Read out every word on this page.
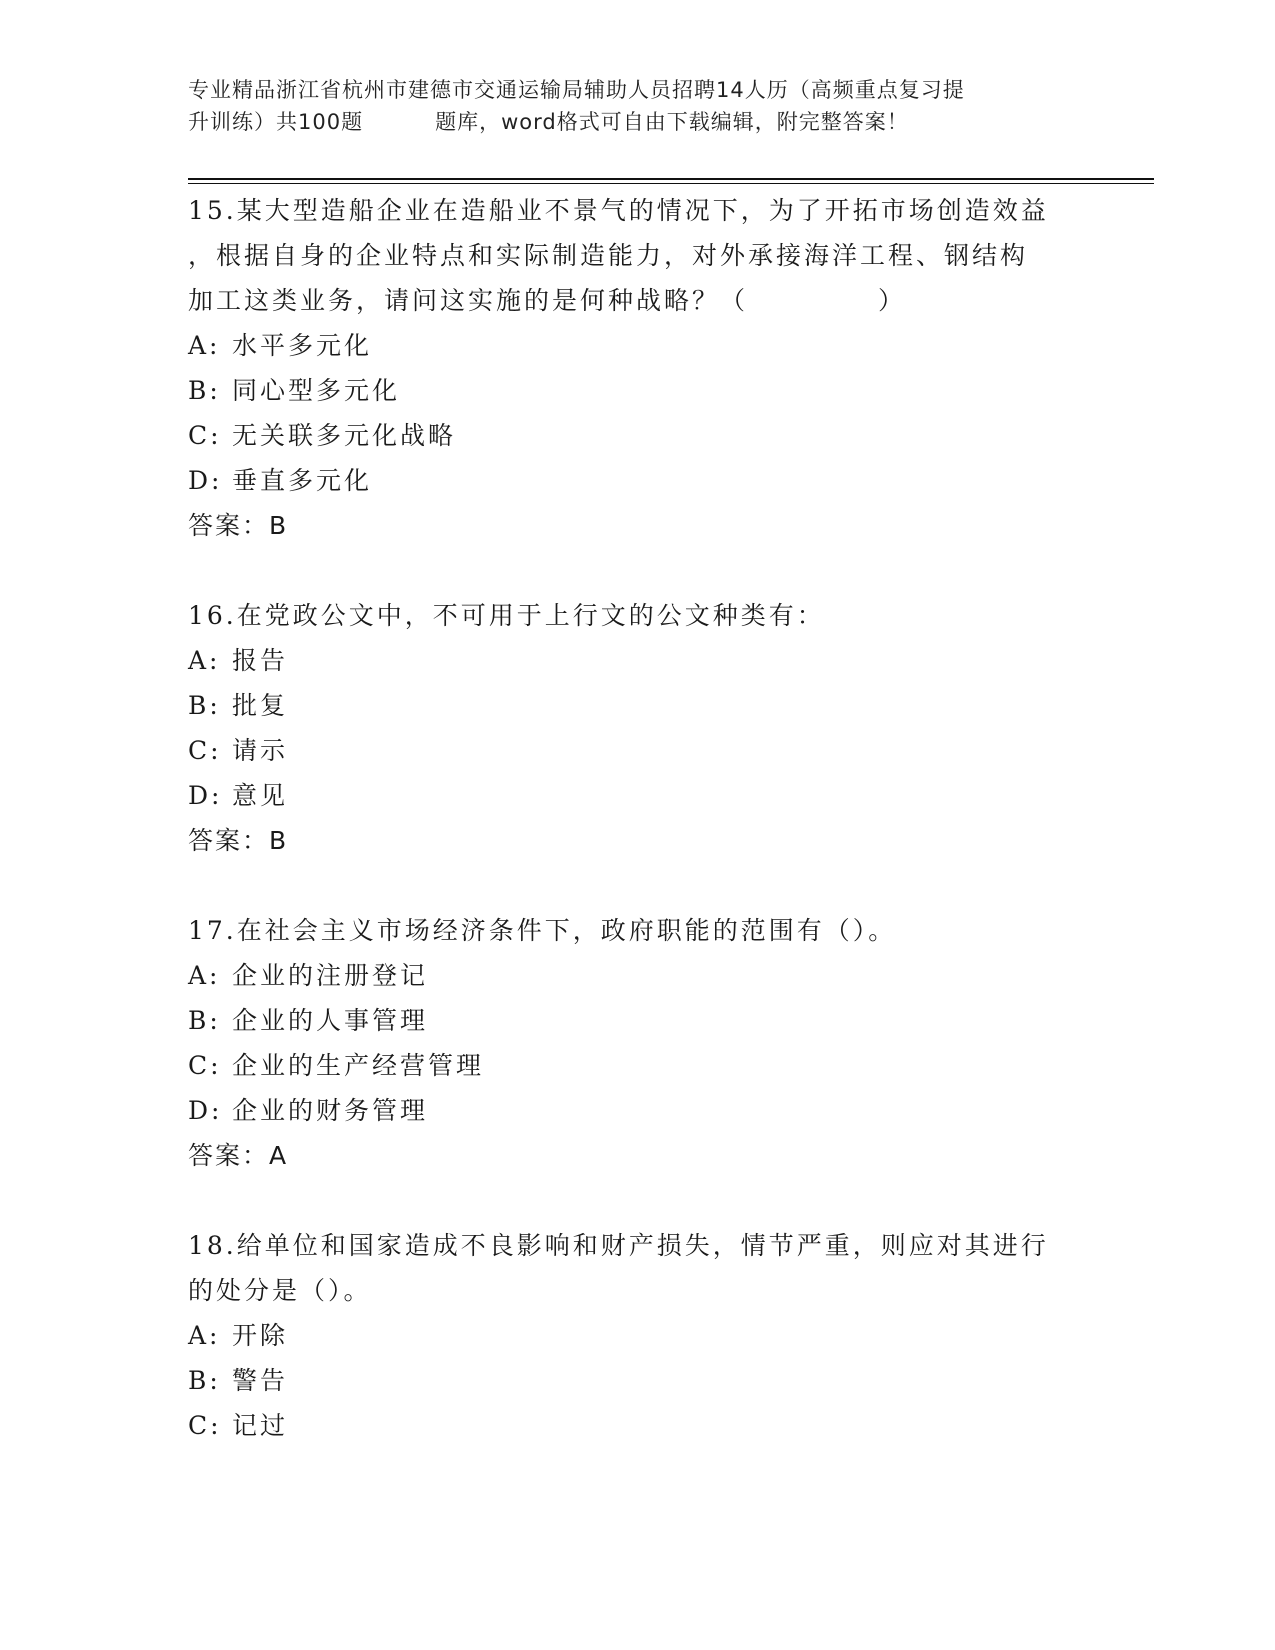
专业精品浙江省杭州市建德市交通运输局辅助人员招聘14人历（高频重点复习提
升训练）共100题	题库，word格式可自由下载编辑，附完整答案！

15.某大型造船企业在造船业不景气的情况下，为了开拓市场创造效益

，根据自身的企业特点和实际制造能力，对外承接海洋工程、钢结构

加工这类业务，请问这实施的是何种战略？（	）

A: 水平多元化

B: 同心型多元化

C: 无关联多元化战略

D: 垂直多元化

答案：B

16.在党政公文中，不可用于上行文的公文种类有：

A: 报告

B: 批复

C: 请示

D: 意见

答案：B

17.在社会主义市场经济条件下，政府职能的范围有（）。

A: 企业的注册登记

B: 企业的人事管理

C: 企业的生产经营管理

D: 企业的财务管理

答案：A

18.给单位和国家造成不良影响和财产损失，情节严重，则应对其进行

的处分是（）。

A: 开除

B: 警告

C: 记过
